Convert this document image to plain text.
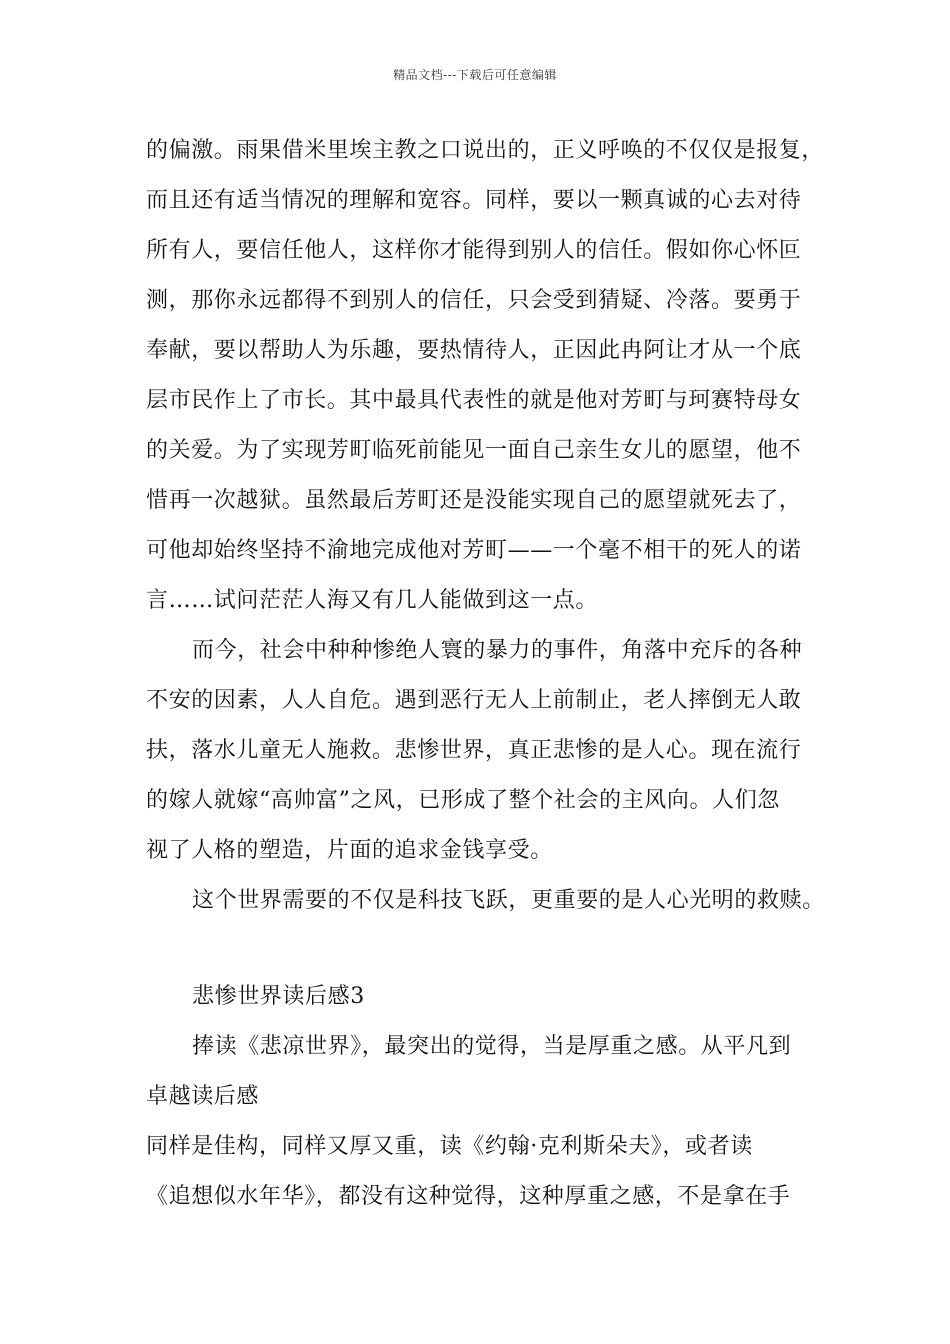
精品文档---下载后可任意编辑
的偏激。雨果借米里埃主教之口说出的，正义呼唤的不仅仅是报复，
而且还有适当情况的理解和宽容。同样，要以一颗真诚的心去对待
所有人，要信任他人，这样你才能得到别人的信任。假如你心怀叵
测，那你永远都得不到别人的信任，只会受到猜疑、冷落。要勇于
奉献，要以帮助人为乐趣，要热情待人，正因此冉阿让才从一个底
层市民作上了市长。其中最具代表性的就是他对芳町与珂赛特母女
的关爱。为了实现芳町临死前能见一面自己亲生女儿的愿望，他不
惜再一次越狱。虽然最后芳町还是没能实现自己的愿望就死去了，
可他却始终坚持不渝地完成他对芳町——一个毫不相干的死人的诺
言……试问茫茫人海又有几人能做到这一点。
而今，社会中种种惨绝人寰的暴力的事件，角落中充斥的各种
不安的因素，人人自危。遇到恶行无人上前制止，老人摔倒无人敢
扶，落水儿童无人施救。悲惨世界，真正悲惨的是人心。现在流行
的嫁人就嫁“高帅富”之风，已形成了整个社会的主风向。人们忽
视了人格的塑造，片面的追求金钱享受。
这个世界需要的不仅是科技飞跃，更重要的是人心光明的救赎。
悲惨世界读后感3
捧读《悲凉世界》，最突出的觉得，当是厚重之感。从平凡到
卓越读后感
同样是佳构，同样又厚又重，读《约翰·克利斯朵夫》，或者读
《追想似水年华》，都没有这种觉得，这种厚重之感，不是拿在手
